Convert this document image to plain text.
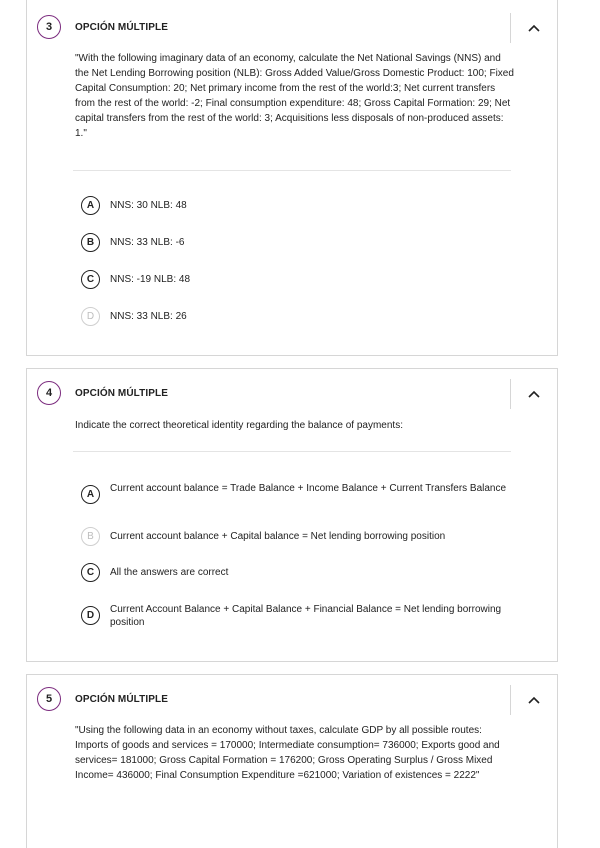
3	OPCIÓN MÚLTIPLE
"With the following imaginary data of an economy, calculate the Net National Savings (NNS) and the Net Lending Borrowing position (NLB): Gross Added Value/Gross Domestic Product: 100; Fixed Capital Consumption: 20; Net primary income from the rest of the world:3; Net current transfers from the rest of the world: -2; Final consumption expenditure: 48; Gross Capital Formation: 29; Net capital transfers from the rest of the world: 3; Acquisitions less disposals of non-produced assets: 1."
A	NNS: 30 NLB: 48
B	NNS: 33 NLB: -6
C	NNS: -19 NLB: 48
D	NNS: 33 NLB: 26
4	OPCIÓN MÚLTIPLE
Indicate the correct theoretical identity regarding the balance of payments:
A
Current account balance = Trade Balance + Income Balance + Current Transfers Balance
B	Current account balance + Capital balance = Net lending borrowing position
C	All the answers are correct
D
Current Account Balance + Capital Balance + Financial Balance = Net lending borrowing position
5	OPCIÓN MÚLTIPLE
"Using the following data in an economy without taxes, calculate GDP by all possible routes: Imports of goods and services = 170000; Intermediate consumption= 736000; Exports good and services= 181000; Gross Capital Formation = 176200; Gross Operating Surplus / Gross Mixed Income= 436000; Final Consumption Expenditure =621000; Variation of existences = 2222"
